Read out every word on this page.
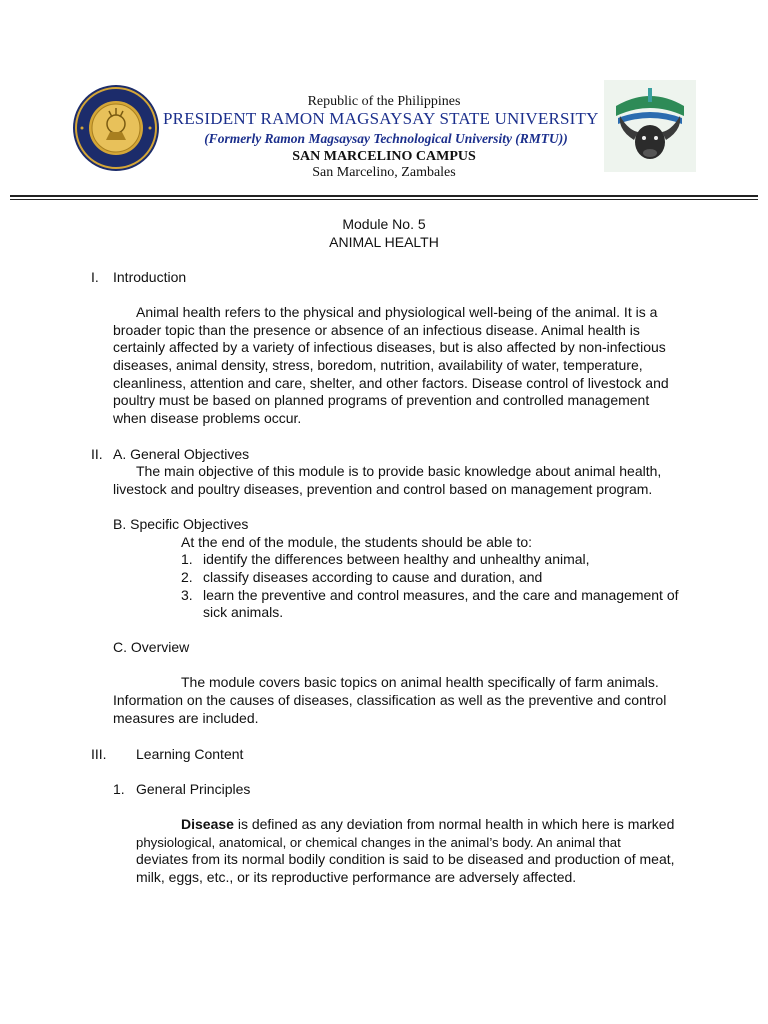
Republic of the Philippines
PRESIDENT RAMON MAGSAYSAY STATE UNIVERSITY
(Formerly Ramon Magsaysay Technological University (RMTU))
SAN MARCELINO CAMPUS
San Marcelino, Zambales
Module No. 5
ANIMAL HEALTH
I. Introduction
Animal health refers to the physical and physiological well-being of the animal. It is a
broader topic than the presence or absence of an infectious disease. Animal health is
certainly affected by a variety of infectious diseases, but is also affected by non-infectious
diseases, animal density, stress, boredom, nutrition, availability of water, temperature,
cleanliness, attention and care, shelter, and other factors. Disease control of livestock and
poultry must be based on planned programs of prevention and controlled management
when disease problems occur.
II. A. General Objectives
The main objective of this module is to provide basic knowledge about animal health,
livestock and poultry diseases, prevention and control based on management program.
B. Specific Objectives
At the end of the module, the students should be able to:
1. identify the differences between healthy and unhealthy animal,
2. classify diseases according to cause and duration, and
3. learn the preventive and control measures, and the care and management of
sick animals.
C. Overview
The module covers basic topics on animal health specifically of farm animals.
Information on the causes of diseases, classification as well as the preventive and control
measures are included.
III. Learning Content
1. General Principles
Disease is defined as any deviation from normal health in which here is marked
physiological, anatomical, or chemical changes in the animal’s body. An animal that
deviates from its normal bodily condition is said to be diseased and production of meat,
milk, eggs, etc., or its reproductive performance are adversely affected.
